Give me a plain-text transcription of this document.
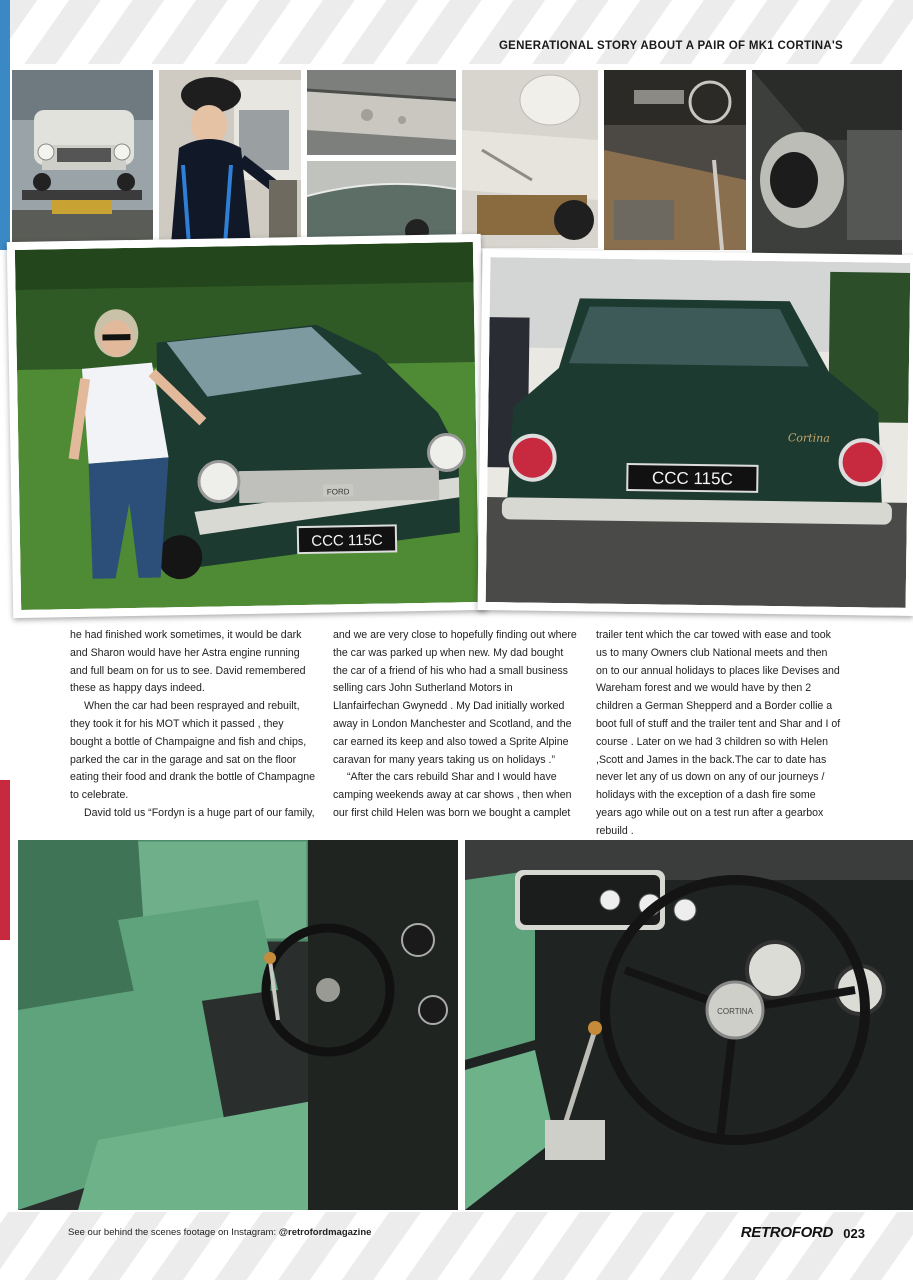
GENERATIONAL STORY ABOUT A PAIR OF MK1 CORTINA'S
CCC 115C
FORD
CCC 115C
Cortina

he had finished work sometimes, it would be dark and Sharon would have her Astra engine running and full beam on for us to see. David remembered these as happy days indeed.

When the car had been resprayed and rebuilt, they took it for his MOT which it passed , they bought a bottle of Champaigne and fish and chips, parked the car in the garage and sat on the floor eating their food and drank the bottle of Champagne to celebrate.

David told us “Fordyn is a huge part of our family,

and we are very close to hopefully finding out where the car was parked up when new. My dad bought the car of a friend of his who had a small business selling cars John Sutherland Motors in Llanfairfechan Gwynedd . My Dad initially worked away in London Manchester and Scotland, and the car earned its keep and also towed a Sprite Alpine caravan for many years taking us on holidays .”

“After the cars rebuild Shar and I would have camping weekends away at car shows , then when our first child Helen was born we bought a camplet

trailer tent which the car towed with ease and took us to many Owners club National meets and then on to our annual holidays to places like Devises and Wareham forest and we would have by then 2 children a German Shepperd and a Border collie a boot full of stuff and the trailer tent and Shar and I of course . Later on we had 3 children so with Helen ,Scott and James in the back.The car to date has never let any of us down on any of our journeys / holidays with the exception of a dash fire some years ago while out on a test run after a gearbox rebuild .

CORTINA
See our behind the scenes footage on Instagram: @retrofordmagazine	RETROFORD 023
